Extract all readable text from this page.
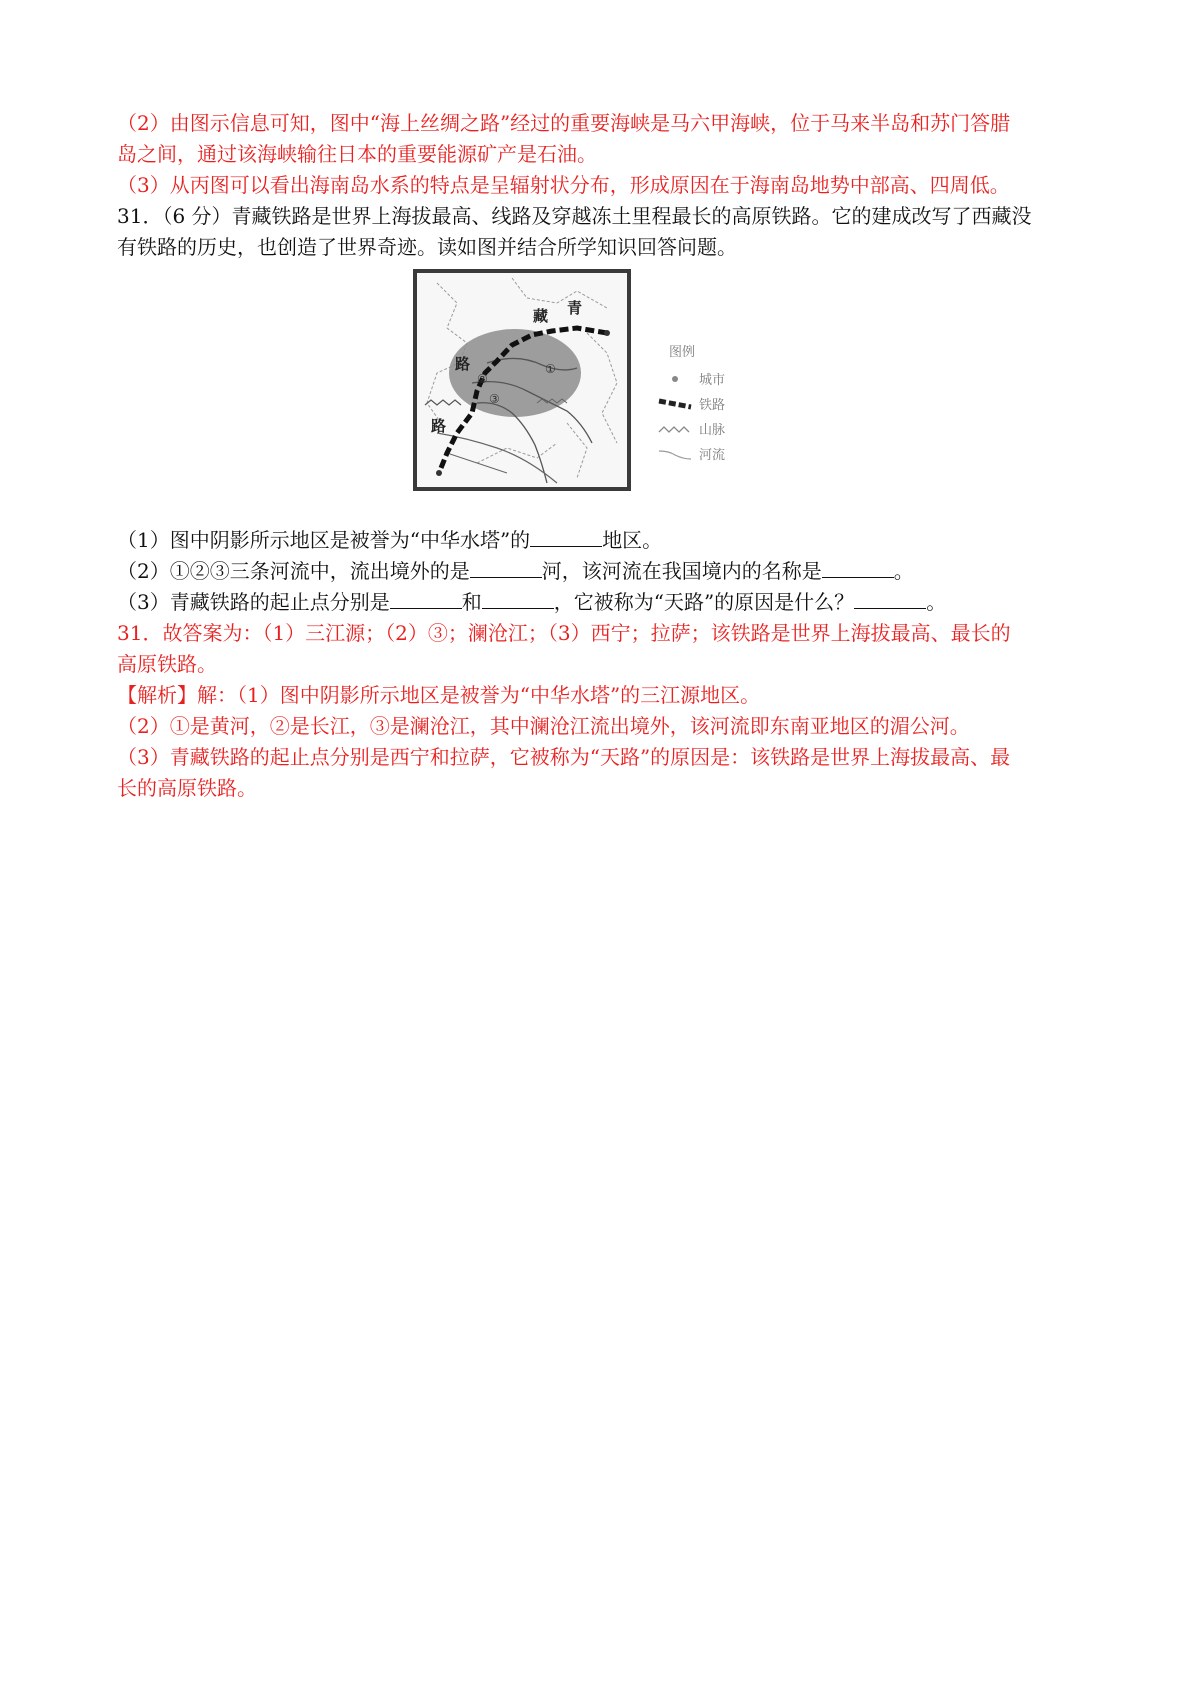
（2）由图示信息可知，图中“海上丝绸之路”经过的重要海峡是马六甲海峡，位于马来半岛和苏门答腊

岛之间，通过该海峡输往日本的重要能源矿产是石油。

（3）从丙图可以看出海南岛水系的特点是呈辐射状分布，形成原因在于海南岛地势中部高、四周低。

31．（6 分）青藏铁路是世界上海拔最高、线路及穿越冻土里程最长的高原铁路。它的建成改写了西藏没

有铁路的历史，也创造了世界奇迹。读如图并结合所学知识回答问题。

藏 青
路
路
①
②
③
图例
城市
铁路
山脉
河流

（1）图中阴影所示地区是被誉为“中华水塔”的	地区。

（2）①②③三条河流中，流出境外的是	河，该河流在我国境内的名称是	。

（3）青藏铁路的起止点分别是	和	，它被称为“天路”的原因是什么？	。

31．故答案为：（1）三江源；（2）③；澜沧江；（3）西宁；拉萨；该铁路是世界上海拔最高、最长的

高原铁路。

【解析】解：（1）图中阴影所示地区是被誉为“中华水塔”的三江源地区。

（2）①是黄河，②是长江，③是澜沧江，其中澜沧江流出境外，该河流即东南亚地区的湄公河。

（3）青藏铁路的起止点分别是西宁和拉萨，它被称为“天路”的原因是：该铁路是世界上海拔最高、最

长的高原铁路。
